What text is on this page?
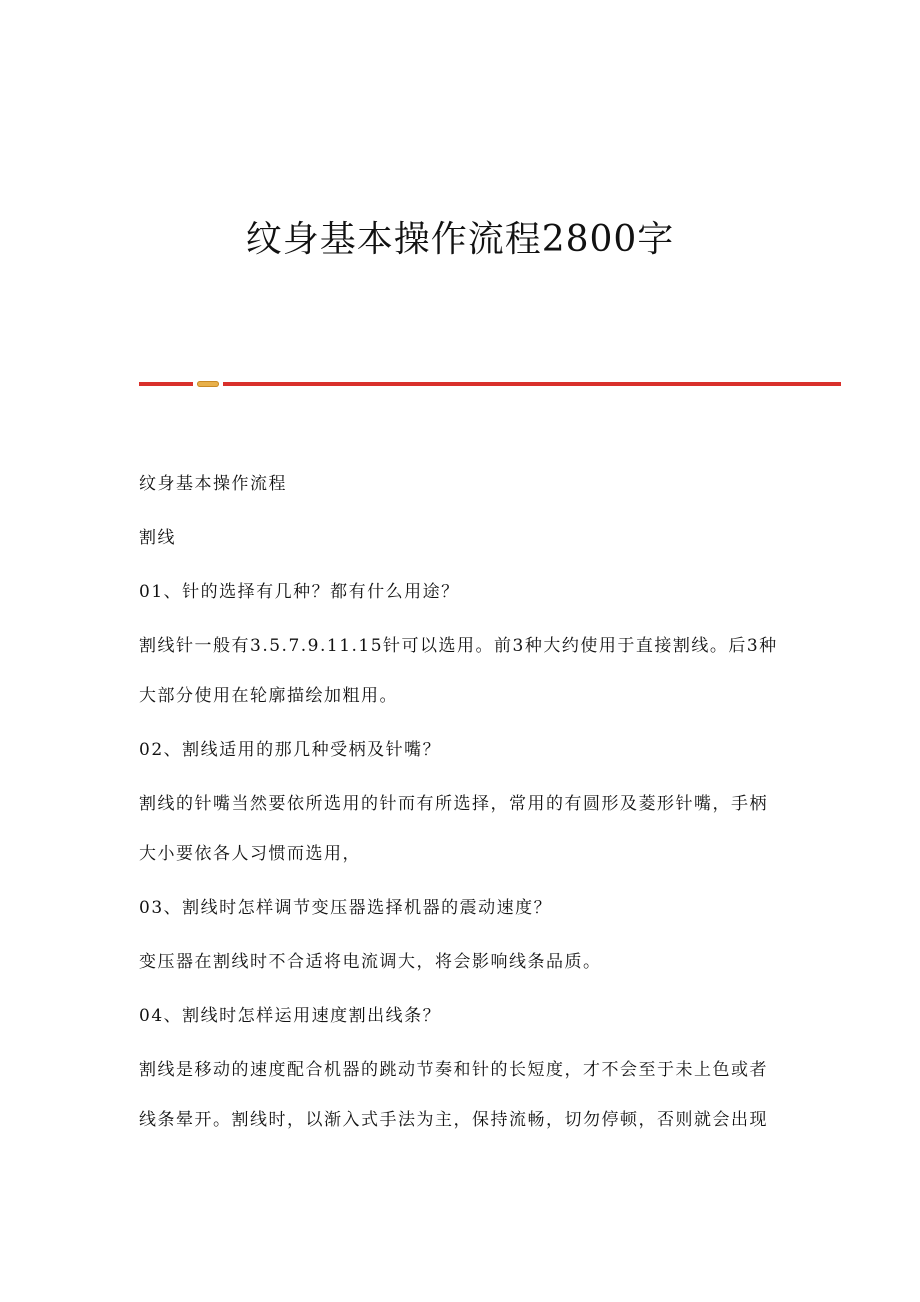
纹身基本操作流程2800字

纹身基本操作流程

割线

01、针的选择有几种？都有什么用途？

割线针一般有3.5.7.9.11.15针可以选用。前3种大约使用于直接割线。后3种大部分使用在轮廓描绘加粗用。

02、割线适用的那几种受柄及针嘴？

割线的针嘴当然要依所选用的针而有所选择，常用的有圆形及菱形针嘴，手柄大小要依各人习惯而选用，

03、割线时怎样调节变压器选择机器的震动速度？

变压器在割线时不合适将电流调大，将会影响线条品质。

04、割线时怎样运用速度割出线条？

割线是移动的速度配合机器的跳动节奏和针的长短度，才不会至于未上色或者线条晕开。割线时，以渐入式手法为主，保持流畅，切勿停顿，否则就会出现
